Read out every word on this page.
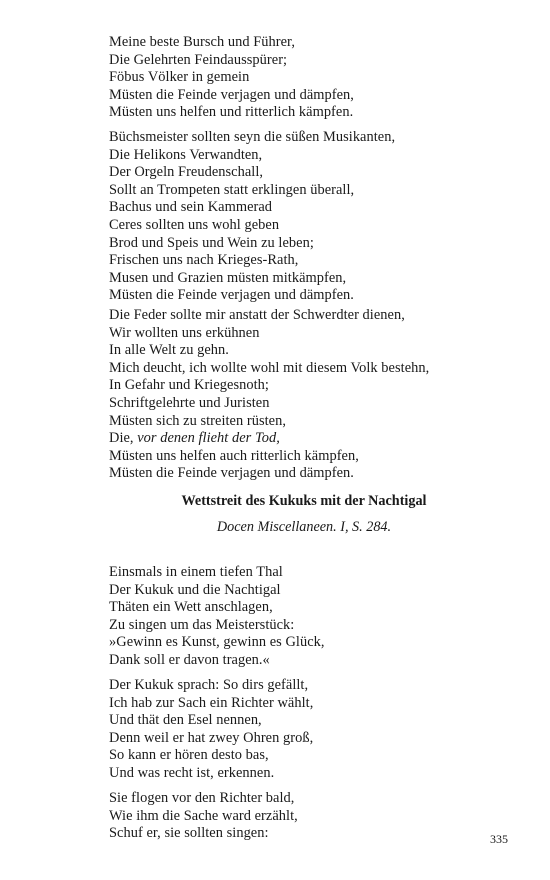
Meine beste Bursch und Führer,
Die Gelehrten Feindausspürer;
Föbus Völker in gemein
Müsten die Feinde verjagen und dämpfen,
Müsten uns helfen und ritterlich kämpfen.
Büchsmeister sollten seyn die süßen Musikanten,
Die Helikons Verwandten,
Der Orgeln Freudenschall,
Sollt an Trompeten statt erklingen überall,
Bachus und sein Kammerad
Ceres sollten uns wohl geben
Brod und Speis und Wein zu leben;
Frischen uns nach Krieges-Rath,
Musen und Grazien müsten mitkämpfen,
Müsten die Feinde verjagen und dämpfen.
Die Feder sollte mir anstatt der Schwerdter dienen,
Wir wollten uns erkühnen
In alle Welt zu gehn.
Mich deucht, ich wollte wohl mit diesem Volk bestehn,
In Gefahr und Kriegesnoth;
Schriftgelehrte und Juristen
Müsten sich zu streiten rüsten,
Die, vor denen flieht der Tod,
Müsten uns helfen auch ritterlich kämpfen,
Müsten die Feinde verjagen und dämpfen.
Wettstreit des Kukuks mit der Nachtigal
Docen Miscellaneen. I, S. 284.
Einsmals in einem tiefen Thal
Der Kukuk und die Nachtigal
Thäten ein Wett anschlagen,
Zu singen um das Meisterstück:
»Gewinn es Kunst, gewinn es Glück,
Dank soll er davon tragen.«
Der Kukuk sprach: So dirs gefällt,
Ich hab zur Sach ein Richter wählt,
Und thät den Esel nennen,
Denn weil er hat zwey Ohren groß,
So kann er hören desto bas,
Und was recht ist, erkennen.
Sie flogen vor den Richter bald,
Wie ihm die Sache ward erzählt,
Schuf er, sie sollten singen:	335
